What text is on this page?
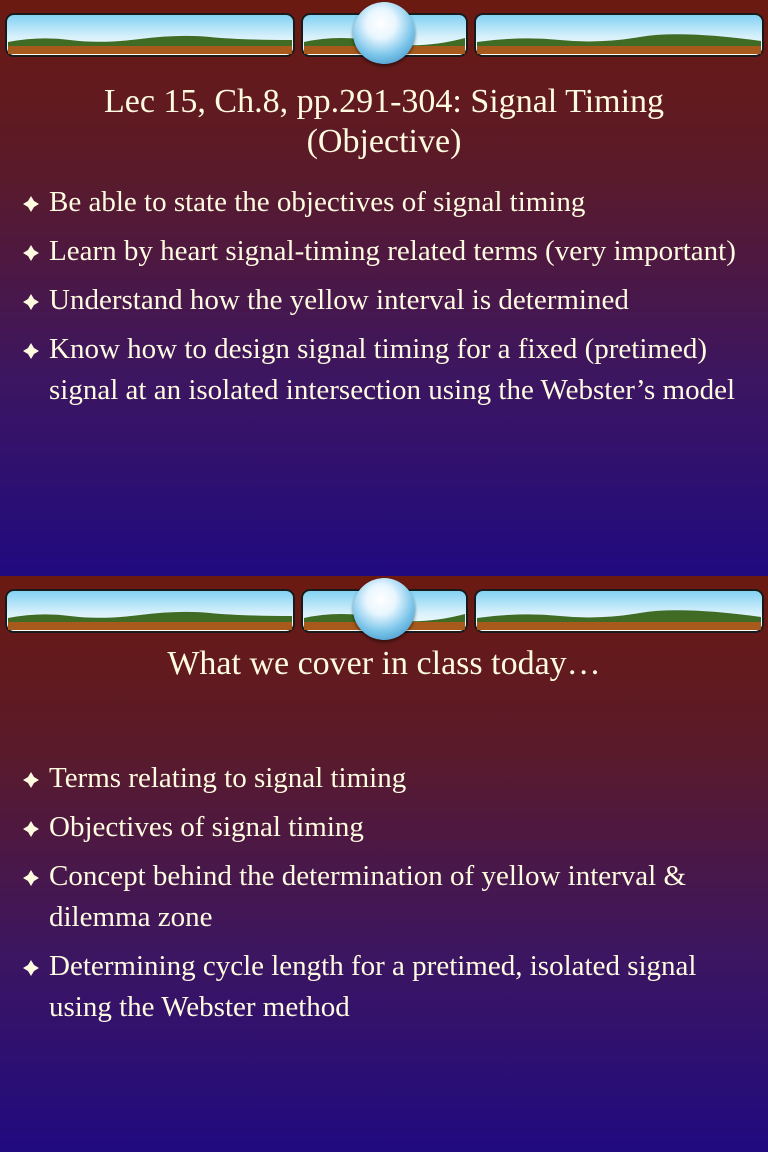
Lec 15, Ch.8, pp.291-304: Signal Timing
(Objective)
Be able to state the objectives of signal timing
Learn by heart signal-timing related terms (very important)
Understand how the yellow interval is determined
Know how to design signal timing for a fixed (pretimed) signal at an isolated intersection using the Webster’s model
What we cover in class today…
Terms relating to signal timing
Objectives of signal timing
Concept behind the determination of yellow interval & dilemma zone
Determining cycle length for a pretimed, isolated signal using the Webster method
